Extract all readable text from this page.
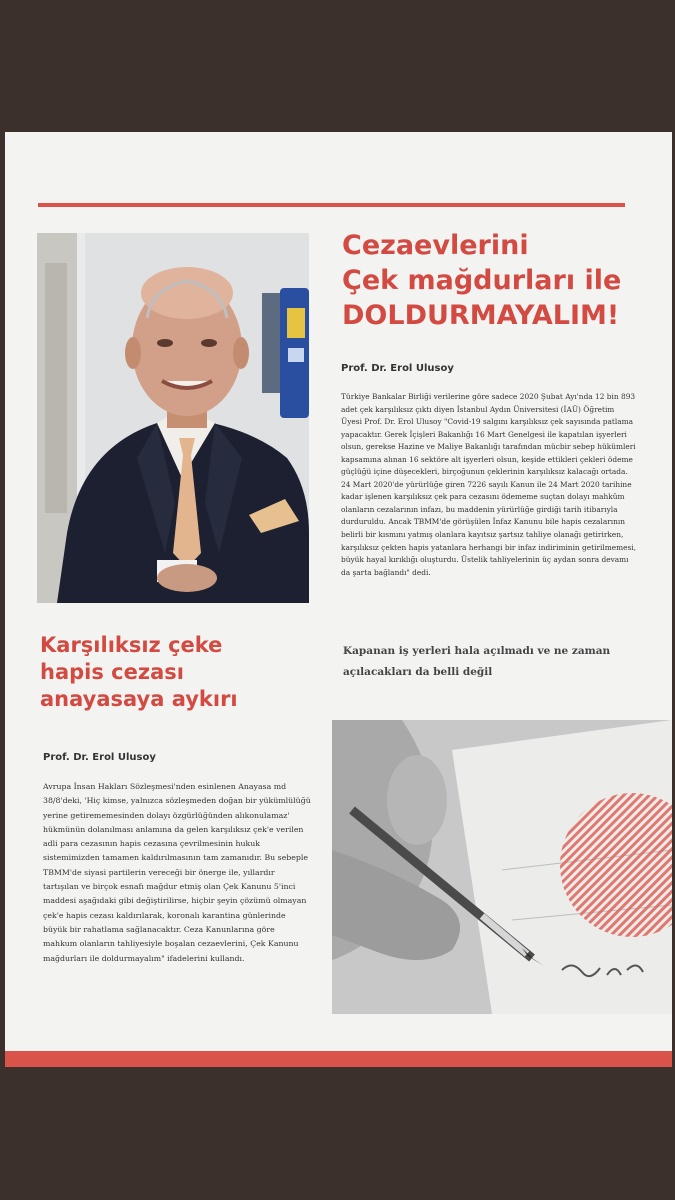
Cezaevlerini
Çek mağdurları ile
DOLDURMAYALIM!
Prof. Dr. Erol Ulusoy
Türkiye Bankalar Birliği verilerine göre sadece 2020 Şubat Ayı'nda 12 bin 893 adet çek karşılıksız çıktı diyen İstanbul Aydın Üniversitesi (İAÜ) Öğretim Üyesi Prof. Dr. Erol Ulusoy "Covid-19 salgını karşılıksız çek sayısında patlama yapacaktır. Gerek İçişleri Bakanlığı 16 Mart Genelgesi ile kapatılan işyerleri olsun, gerekse Hazine ve Maliye Bakanlığı tarafından mücbir sebep hükümleri kapsamına alınan 16 sektöre alt işyerleri olsun, keşide ettikleri çekleri ödeme güçlüğü içine düşecekleri, birçoğunun çeklerinin karşılıksız kalacağı ortada. 24 Mart 2020'de yürürlüğe giren 7226 sayılı Kanun ile 24 Mart 2020 tarihine kadar işlenen karşılıksız çek para cezasını ödememe suçtan dolayı mahkûm olanların cezalarının infazı, bu maddenin yürürlüğe girdiği tarih itibarıyla durduruldu. Ancak TBMM'de görüşülen İnfaz Kanunu bile hapis cezalarının belirli bir kısmını yatmış olanlara kayıtsız şartsız tahliye olanağı getirirken, karşılıksız çekten hapis yatanlara herhangi bir infaz indiriminin getirilmemesi, büyük hayal kırıklığı oluşturdu. Üstelik tahliyelerinin üç aydan sonra devamı da şarta bağlandı" dedi.
Kapanan iş yerleri hala açılmadı ve ne zaman açılacakları da belli değil
Karşılıksız çeke
hapis cezası
anayasaya aykırı
Prof. Dr. Erol Ulusoy
Avrupa İnsan Hakları Sözleşmesi'nden esinlenen Anayasa md 38/8'deki, 'Hiç kimse, yalnızca sözleşmeden doğan bir yükümlülüğü yerine getirememesinden dolayı özgürlüğünden alıkonulamaz' hükmünün dolanılması anlamına da gelen karşılıksız çek'e verilen adli para cezasının hapis cezasına çevrilmesinin hukuk sistemimizden tamamen kaldırılmasının tam zamanıdır. Bu sebeple TBMM'de siyasi partilerin vereceği bir önerge ile, yıllardır tartışılan ve birçok esnafı mağdur etmiş olan Çek Kanunu 5'inci maddesi aşağıdaki gibi değiştirilirse, hiçbir şeyin çözümü olmayan çek'e hapis cezası kaldırılarak, koronalı karantina günlerinde büyük bir rahatlama sağlanacaktır. Ceza Kanunlarına göre mahkum olanların tahliyesiyle boşalan cezaevlerini, Çek Kanunu mağdurları ile doldurmayalım" ifadelerini kullandı.
